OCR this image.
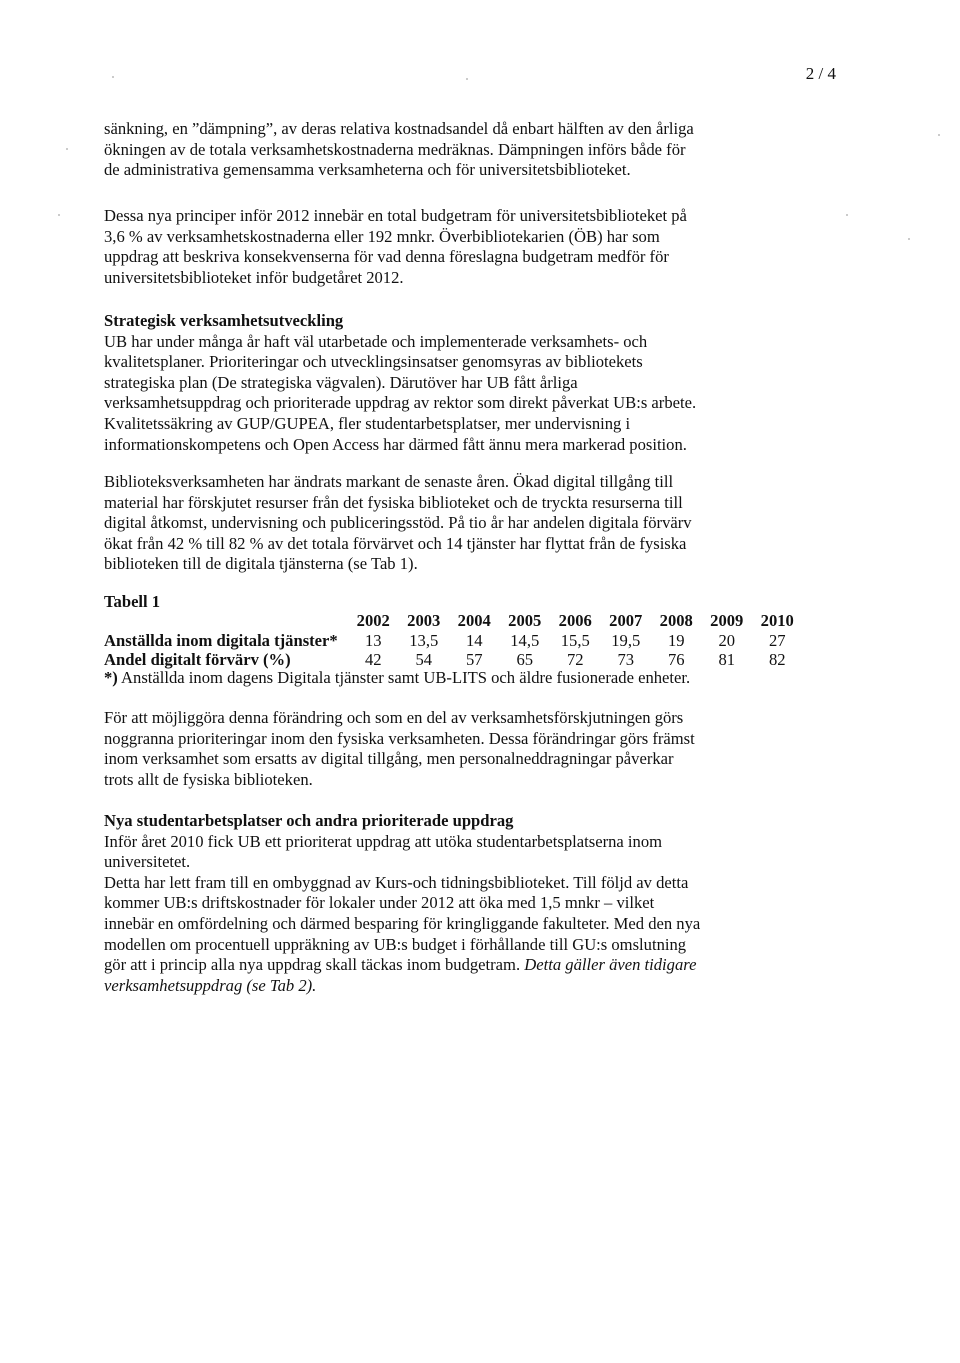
2 / 4
sänkning, en ”dämpning”, av deras relativa kostnadsandel då enbart hälften av den årliga
ökningen av de totala verksamhetskostnaderna medräknas. Dämpningen införs både för
de administrativa gemensamma verksamheterna och för universitetsbiblioteket.
Dessa nya principer inför 2012 innebär en total budgetram för universitetsbiblioteket på
3,6 % av verksamhetskostnaderna eller 192 mnkr. Överbibliotekarien (ÖB) har som
uppdrag att beskriva konsekvenserna för vad denna föreslagna budgetram medför för
universitetsbiblioteket inför budgetåret 2012.
Strategisk verksamhetsutveckling
UB har under många år haft väl utarbetade och implementerade verksamhets- och
kvalitetsplaner. Prioriteringar och utvecklingsinsatser genomsyras av bibliotekets
strategiska plan (De strategiska vägvalen). Därutöver har UB fått årliga
verksamhetsuppdrag och prioriterade uppdrag av rektor som direkt påverkat UB:s arbete.
Kvalitetssäkring av GUP/GUPEA, fler studentarbetsplatser, mer undervisning i
informationskompetens och Open Access har därmed fått ännu mera markerad position.
Biblioteksverksamheten har ändrats markant de senaste åren. Ökad digital tillgång till
material har förskjutet resurser från det fysiska biblioteket och de tryckta resurserna till
digital åtkomst, undervisning och publiceringsstöd. På tio år har andelen digitala förvärv
ökat från 42 % till 82 % av det totala förvärvet och 14 tjänster har flyttat från de fysiska
biblioteken till de digitala tjänsterna (se Tab 1).
Tabell 1
	2002	2003	2004	2005	2006	2007	2008	2009	2010
Anställda inom digitala tjänster*	13	13,5	14	14,5	15,5	19,5	19	20	27
Andel digitalt förvärv (%)	42	54	57	65	72	73	76	81	82
*) Anställda inom dagens Digitala tjänster samt UB-LITS och äldre fusionerade enheter.
För att möjliggöra denna förändring och som en del av verksamhetsförskjutningen görs
noggranna prioriteringar inom den fysiska verksamheten. Dessa förändringar görs främst
inom verksamhet som ersatts av digital tillgång, men personalneddragningar påverkar
trots allt de fysiska biblioteken.
Nya studentarbetsplatser och andra prioriterade uppdrag
Inför året 2010 fick UB ett prioriterat uppdrag att utöka studentarbetsplatserna inom
universitetet.
Detta har lett fram till en ombyggnad av Kurs-och tidningsbiblioteket. Till följd av detta
kommer UB:s driftskostnader för lokaler under 2012 att öka med 1,5 mnkr – vilket
innebär en omfördelning och därmed besparing för kringliggande fakulteter. Med den nya
modellen om procentuell uppräkning av UB:s budget i förhållande till GU:s omslutning
gör att i princip alla nya uppdrag skall täckas inom budgetram. Detta gäller även tidigare
verksamhetsuppdrag (se Tab 2).
